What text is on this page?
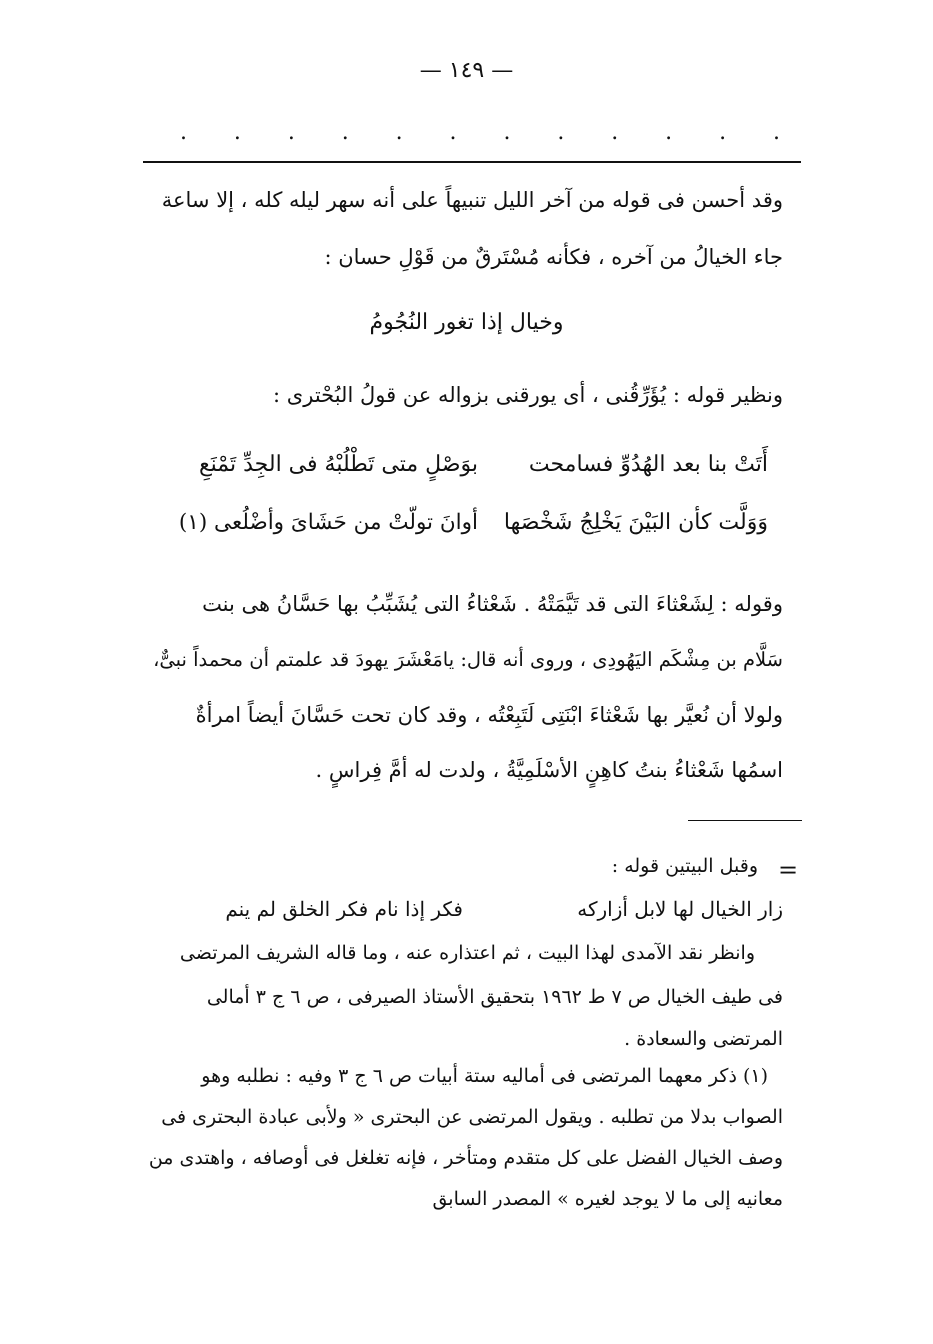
— ١٤٩ —
. . . . . . . . . . . .
وقد أحسن فى قوله من آخر الليل تنبيهاً على أنه سهر ليله كله ، إلا ساعة
جاء الخيالُ من آخره ، فكأنه مُسْتَرقٌ من قَوْلِ حسان :
وخيال إذا تغور النُجُومُ
ونظير قوله : يُؤَرِّقُنى ، أى يورقنى بزواله عن قولُ البُحْترى :
أَتَتْ بنا بعد الهُدُوِّ فسامحت
بوَصْلٍ متى تَطْلُبْهُ فى الجِدِّ تَمْنَعِ
وَوَلَّت كأن البَيْنَ يَخْلِجُ شَخْصَها
أوانَ تولّتْ من حَشَاىَ وأضْلُعى (١)
وقوله : لِشَعْثاءَ التى قد تَيَّمَتْهُ . شَعْثاءُ التى يُشَبِّبُ بها حَسَّانُ هى بنت
سَلَّام بن مِشْكَم اليَهُودِى ، وروى أنه قال: يامَعْشَرَ يهودَ قد علمتم أن محمداً نبىٌّ،
ولولا أن نُعيَّر بها شَعْثاءَ ابْنَتِى لَتَبِعْتُه ، وقد كان تحت حَسَّانَ أيضاً امرأةٌ
اسمُها شَعْثاءُ بنتُ كاهِنٍ الأسْلَمِيَّةُ ، ولدت له أمَّ فِراسٍ .
=
وقبل البيتين قوله :
زار الخيال لها لابل أزاركه
فكر إذا نام فكر الخلق لم ينم
وانظر نقد الآمدى لهذا البيت ، ثم اعتذاره عنه ، وما قاله الشريف المرتضى
فى طيف الخيال ص ٧ ط ١٩٦٢ بتحقيق الأستاذ الصيرفى ، ص ٦ ج ٣ أمالى
المرتضى والسعادة .
(١) ذكر معهما المرتضى فى أماليه ستة أبيات ص ٦ ج ٣ وفيه : نطلبه وهو
الصواب بدلا من تطلبه . ويقول المرتضى عن البحترى « ولأبى عبادة البحترى فى
وصف الخيال الفضل على كل متقدم ومتأخر ، فإنه تغلغل فى أوصافه ، واهتدى من
معانيه إلى ما لا يوجد لغيره » المصدر السابق
